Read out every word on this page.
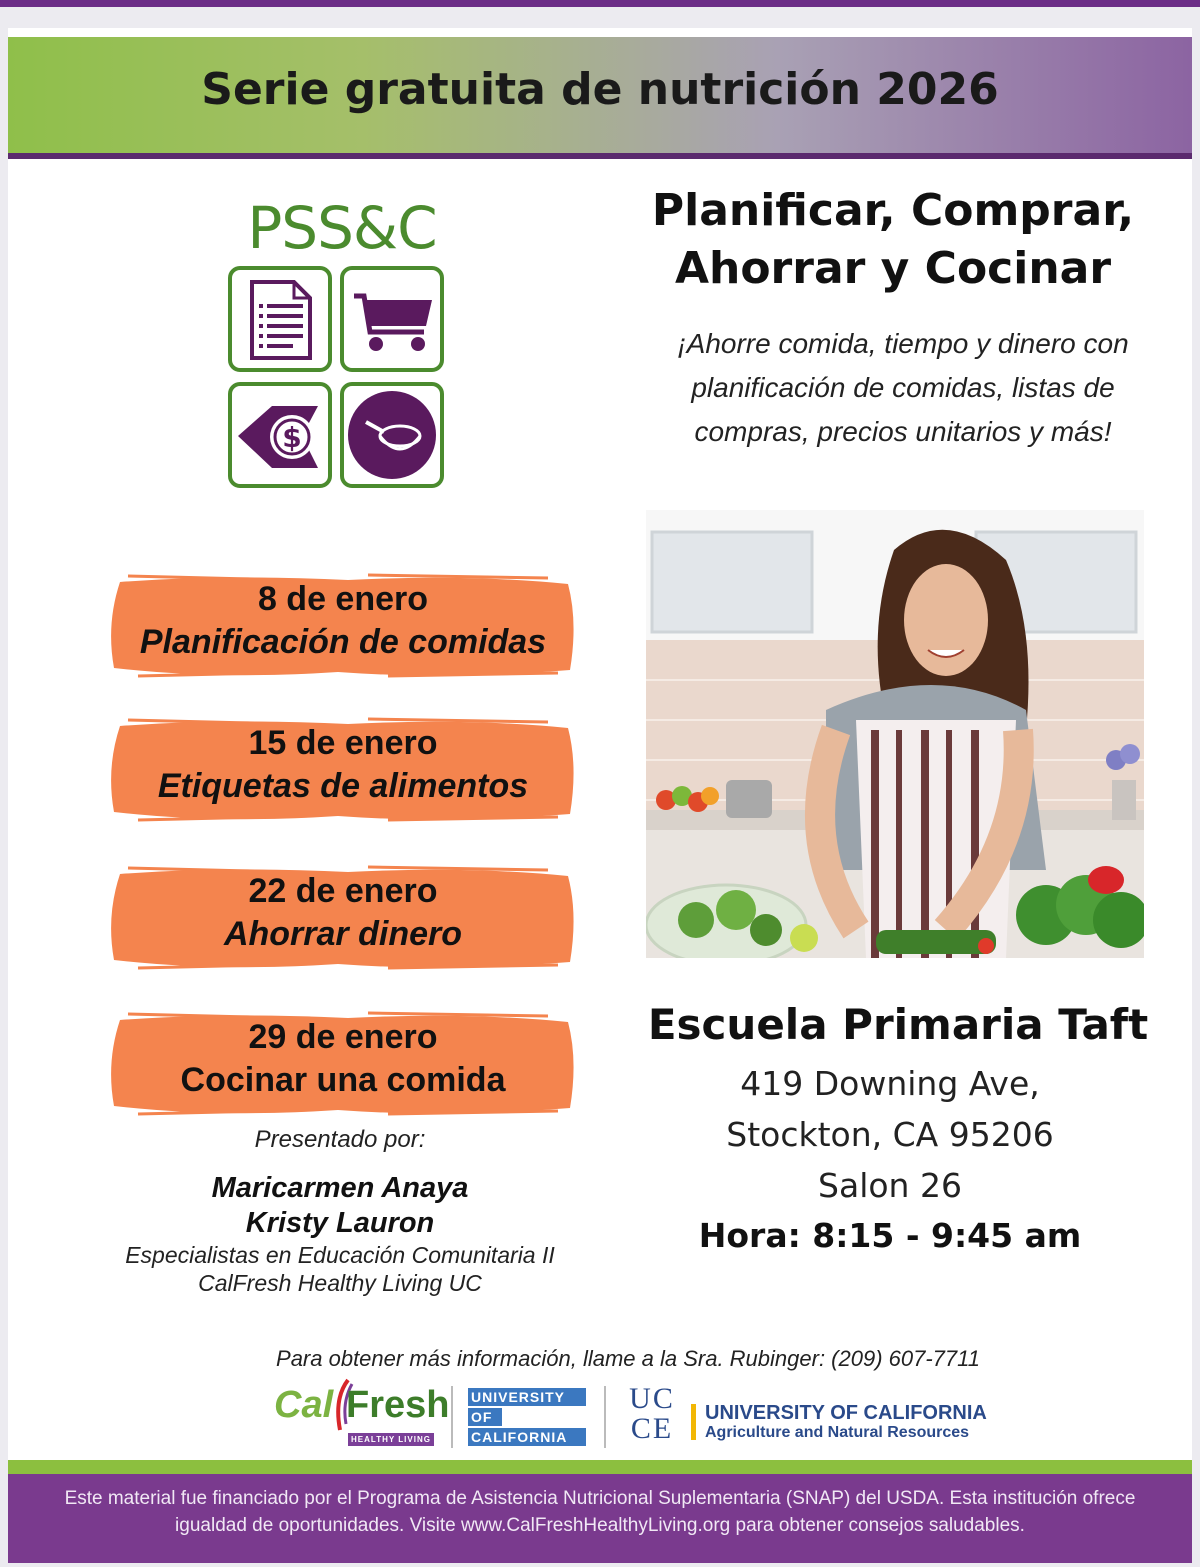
Serie gratuita de nutrición 2026
PSS&C
$
Planificar, Comprar,
Ahorrar y Cocinar
¡Ahorre comida, tiempo y dinero con
planificación de comidas, listas de
compras, precios unitarios y más!
8 de enero
Planificación de comidas
15 de enero
Etiquetas de alimentos
22 de enero
Ahorrar dinero
29 de enero
Cocinar una comida
Presentado por:
Maricarmen Anaya
Kristy Lauron
Especialistas en Educación Comunitaria II
CalFresh Healthy Living UC
Escuela Primaria Taft
419 Downing Ave,
Stockton, CA 95206
Salon 26
Hora: 8:15 - 9:45 am
Para obtener más información, llame a la Sra. Rubinger: (209) 607-7711
Cal Fresh
HEALTHY LIVING
UNIVERSITY
OF
CALIFORNIA
UC
CE	UNIVERSITY OF CALIFORNIA
Agriculture and Natural Resources
Este material fue financiado por el Programa de Asistencia Nutricional Suplementaria (SNAP) del USDA. Esta institución ofrece
igualdad de oportunidades. Visite www.CalFreshHealthyLiving.org para obtener consejos saludables.
